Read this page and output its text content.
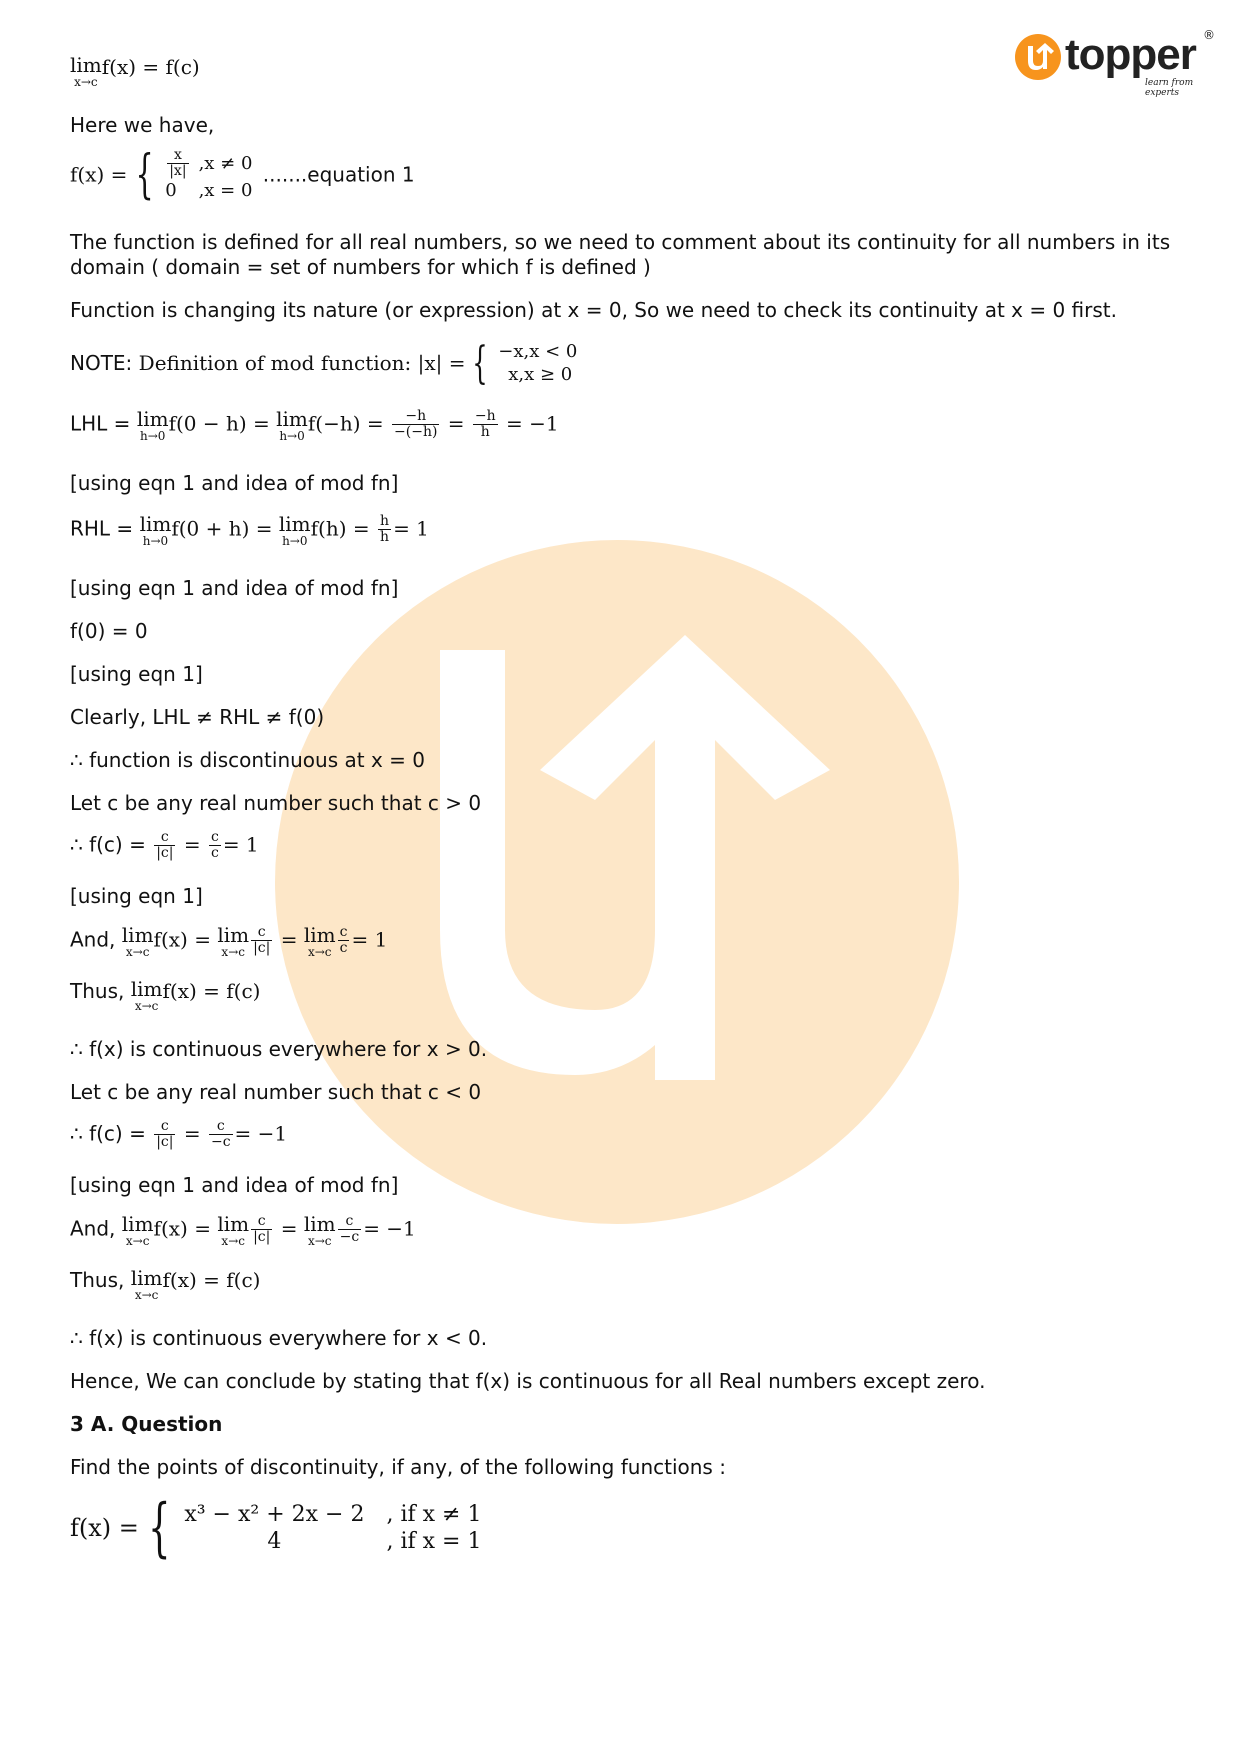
topper ®
learn from experts
lim
x→c
f(x) = f(c)

Here we have,

f(x) = { $\frac{x}{|x|}$	,x ≠ 0
0	,x = 0 .......equation 1

The function is defined for all real numbers, so we need to comment about its continuity for all numbers in its domain ( domain = set of numbers for which f is defined )

Function is changing its nature (or expression) at x = 0, So we need to check its continuity at x = 0 first.

NOTE: Definition of mod function: |x| = { −x,x < 0
x,x ≥ 0
LHL = lim
h→0
f(0 − h) = lim
h→0
$f(-h) = \frac{-h}{-(-h)} = \frac{-h}{h} = -1$

[using eqn 1 and idea of mod fn]

RHL = lim
h→0
f(0 + h) = lim
h→0
$f(h) = \frac{h}{h} = 1$

[using eqn 1 and idea of mod fn]

f(0) = 0

[using eqn 1]

Clearly, LHL ≠ RHL ≠ f(0)

∴ function is discontinuous at x = 0

Let c be any real number such that c > 0

∴ $f(c) = \frac{c}{|c|} = \frac{c}{c} = 1$

[using eqn 1]

And, lim
x→c
f(x) = lim
$x\to c \frac{c}{|c|} = \lim$
$x\to c \frac{c}{c} = 1$
Thus, lim
x→c
f(x) = f(c)

∴ f(x) is continuous everywhere for x > 0.

Let c be any real number such that c < 0

∴ $f(c) = \frac{c}{|c|} = \frac{c}{-c} = -1$

[using eqn 1 and idea of mod fn]

And, lim
x→c
f(x) = lim
$x\to c \frac{c}{|c|} = \lim$
$x\to c \frac{c}{-c} = -1$
Thus, lim
x→c
f(x) = f(c)

∴ f(x) is continuous everywhere for x < 0.

Hence, We can conclude by stating that f(x) is continuous for all Real numbers except zero.

3 A. Question

Find the points of discontinuity, if any, of the following functions :

f(x) = { x³ − x² + 2x − 2	, if x ≠ 1
4	, if x = 1
